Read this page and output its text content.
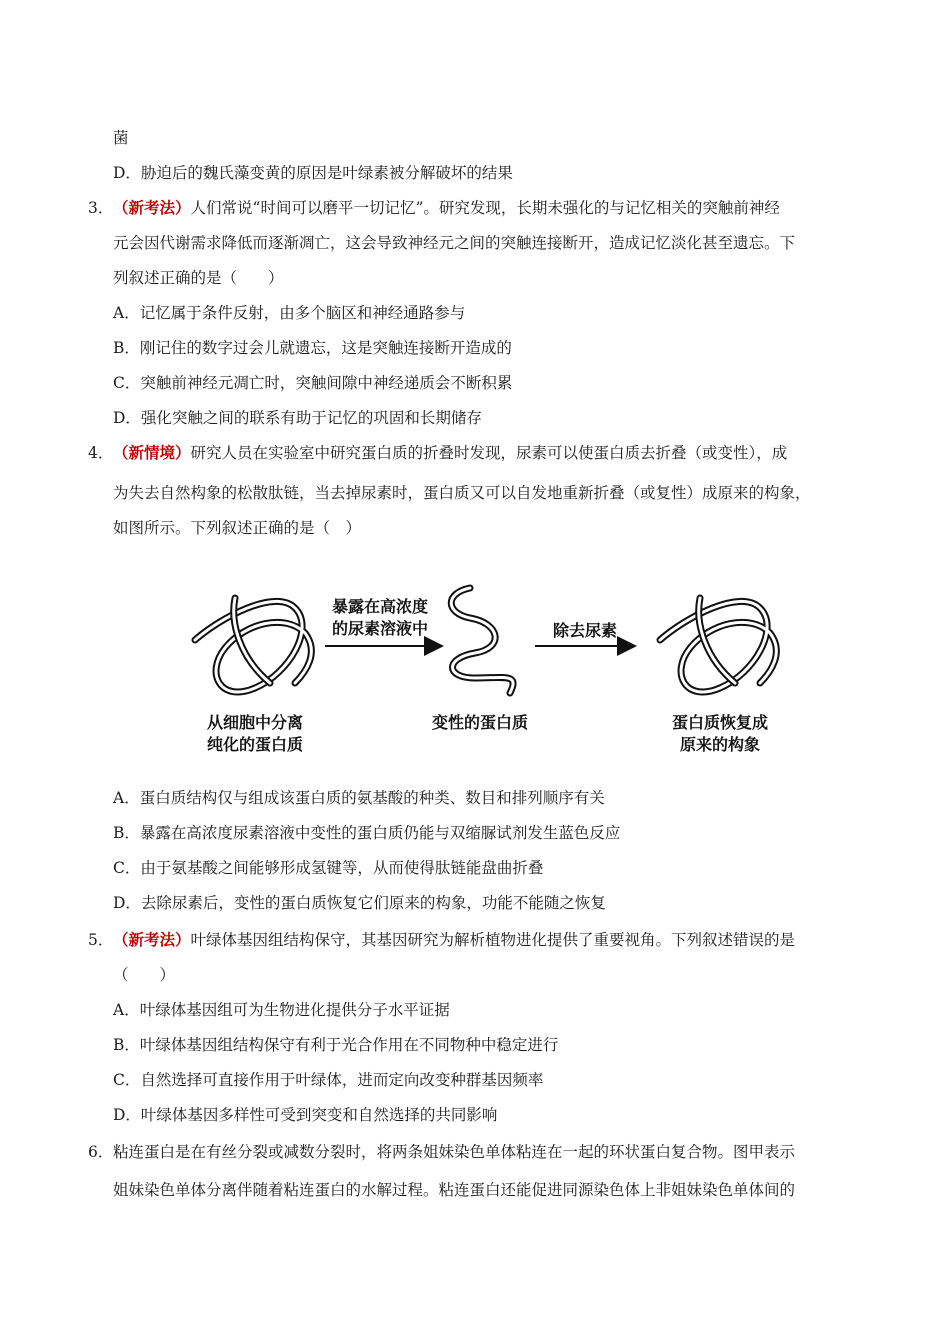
菌
D．胁迫后的魏氏藻变黄的原因是叶绿素被分解破坏的结果
3． （新考法）人们常说“时间可以磨平一切记忆”。研究发现，长期未强化的与记忆相关的突触前神经
元会因代谢需求降低而逐渐凋亡，这会导致神经元之间的突触连接断开，造成记忆淡化甚至遗忘。下
列叙述正确的是（　　）
A．记忆属于条件反射，由多个脑区和神经通路参与
B．刚记住的数字过会儿就遗忘，这是突触连接断开造成的
C．突触前神经元凋亡时，突触间隙中神经递质会不断积累
D．强化突触之间的联系有助于记忆的巩固和长期储存
4． （新情境）研究人员在实验室中研究蛋白质的折叠时发现，尿素可以使蛋白质去折叠（或变性），成
为失去自然构象的松散肽链，当去掉尿素时，蛋白质又可以自发地重新折叠（或复性）成原来的构象，
如图所示。下列叙述正确的是（　）
暴露在高浓度
的尿素溶液中	除去尿素
从细胞中分离
纯化的蛋白质
变性的蛋白质	蛋白质恢复成
原来的构象
A．蛋白质结构仅与组成该蛋白质的氨基酸的种类、数目和排列顺序有关
B．暴露在高浓度尿素溶液中变性的蛋白质仍能与双缩脲试剂发生蓝色反应
C．由于氨基酸之间能够形成氢键等，从而使得肽链能盘曲折叠
D．去除尿素后，变性的蛋白质恢复它们原来的构象，功能不能随之恢复
5． （新考法）叶绿体基因组结构保守，其基因研究为解析植物进化提供了重要视角。下列叙述错误的是
（　　）
A．叶绿体基因组可为生物进化提供分子水平证据
B．叶绿体基因组结构保守有利于光合作用在不同物种中稳定进行
C．自然选择可直接作用于叶绿体，进而定向改变种群基因频率
D．叶绿体基因多样性可受到突变和自然选择的共同影响
6． 粘连蛋白是在有丝分裂或减数分裂时，将两条姐妹染色单体粘连在一起的环状蛋白复合物。图甲表示
姐妹染色单体分离伴随着粘连蛋白的水解过程。粘连蛋白还能促进同源染色体上非姐妹染色单体间的
